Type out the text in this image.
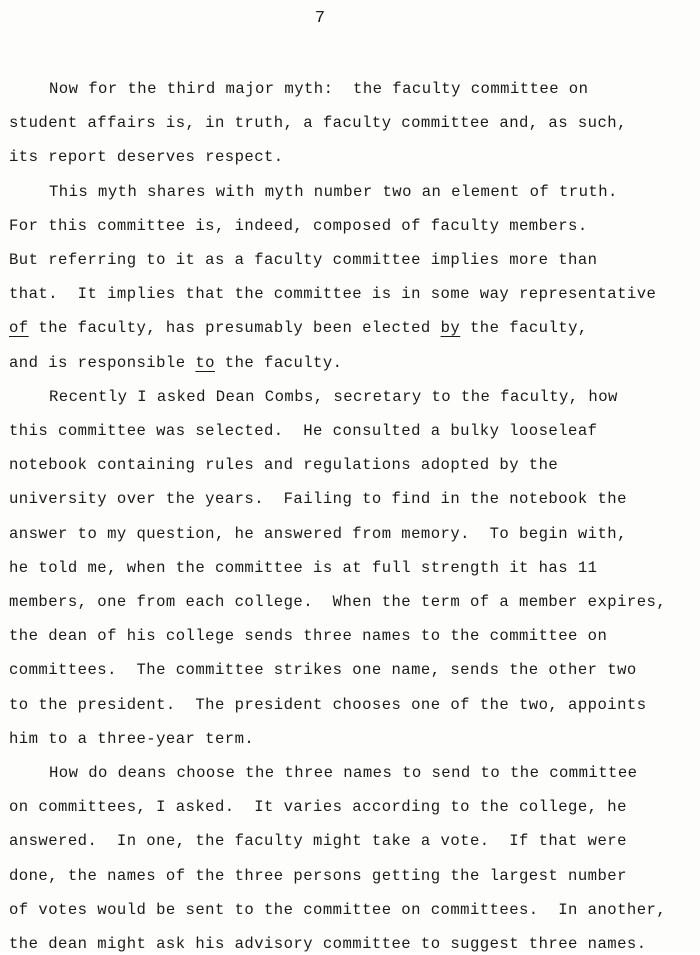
7
Now for the third major myth:  the faculty committee on
student affairs is, in truth, a faculty committee and, as such,
its report deserves respect.
This myth shares with myth number two an element of truth.
For this committee is, indeed, composed of faculty members.
But referring to it as a faculty committee implies more than
that.  It implies that the committee is in some way representative
of the faculty, has presumably been elected by the faculty,
and is responsible to the faculty.
Recently I asked Dean Combs, secretary to the faculty, how
this committee was selected.  He consulted a bulky looseleaf
notebook containing rules and regulations adopted by the
university over the years.  Failing to find in the notebook the
answer to my question, he answered from memory.  To begin with,
he told me, when the committee is at full strength it has 11
members, one from each college.  When the term of a member expires,
the dean of his college sends three names to the committee on
committees.  The committee strikes one name, sends the other two
to the president.  The president chooses one of the two, appoints
him to a three-year term.
How do deans choose the three names to send to the committee
on committees, I asked.  It varies according to the college, he
answered.  In one, the faculty might take a vote.  If that were
done, the names of the three persons getting the largest number
of votes would be sent to the committee on committees.  In another,
the dean might ask his advisory committee to suggest three names.
